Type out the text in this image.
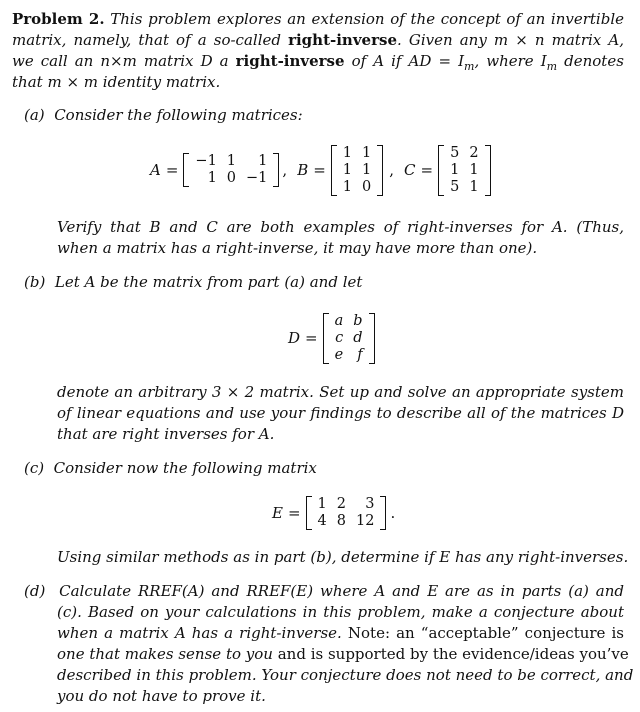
Problem 2. This problem explores an extension of the concept of an invertible
matrix, namely, that of a so-called right-inverse. Given any m × n matrix A,
we call an n×m matrix D a right-inverse of A if AD = $I_m$, where $I_m$ denotes
that m × m identity matrix.
(a) Consider the following matrices:
A = −1	1	1
1	0	−1 , B =
1	1
1	1
1	0
, C =
5	2
1	1
5	1
Verify that B and C are both examples of right-inverses for A. (Thus,
when a matrix has a right-inverse, it may have more than one).
(b) Let A be the matrix from part (a) and let
D =
a	b
c	d
e	f
denote an arbitrary 3 × 2 matrix. Set up and solve an appropriate system
of linear equations and use your findings to describe all of the matrices D
that are right inverses for A.
(c) Consider now the following matrix
E = 1	2	3
4	8	12 .
Using similar methods as in part (b), determine if E has any right-inverses.
(d) Calculate RREF(A) and RREF(E) where A and E are as in parts (a) and
(c). Based on your calculations in this problem, make a conjecture about
when a matrix A has a right-inverse. Note: an “acceptable” conjecture is
one that makes sense to you and is supported by the evidence/ideas you’ve
described in this problem. Your conjecture does not need to be correct, and
you do not have to prove it.
